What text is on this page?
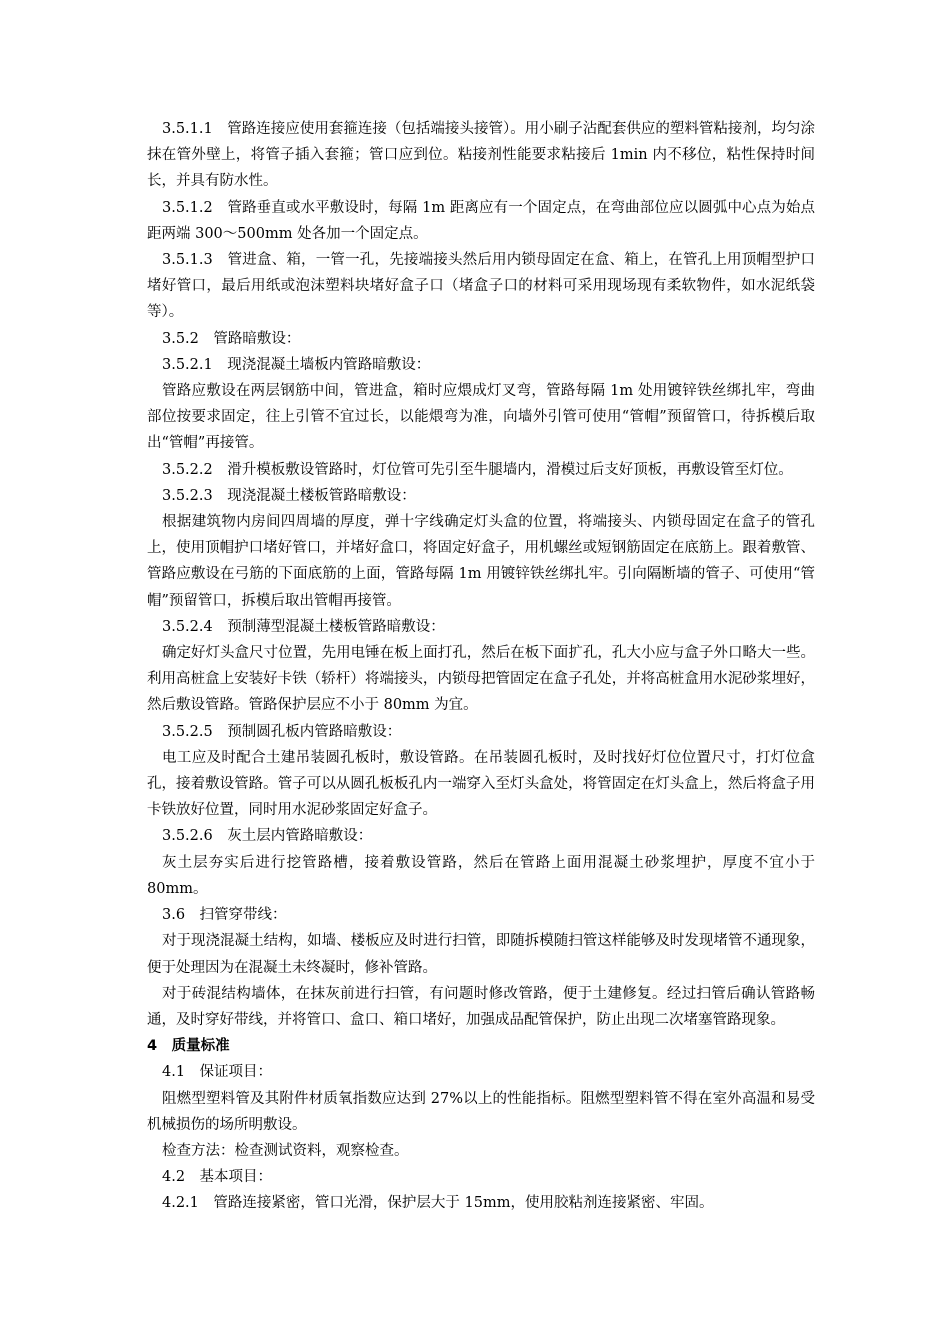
3.5.1.1　管路连接应使用套箍连接（包括端接头接管）。用小刷子沾配套供应的塑料管粘接剂，均匀涂抹在管外壁上，将管子插入套箍；管口应到位。粘接剂性能要求粘接后 1min 内不移位，粘性保持时间长，并具有防水性。

3.5.1.2　管路垂直或水平敷设时，每隔 1m 距离应有一个固定点，在弯曲部位应以圆弧中心点为始点距两端 300～500mm 处各加一个固定点。

3.5.1.3　管进盒、箱，一管一孔，先接端接头然后用内锁母固定在盒、箱上，在管孔上用顶帽型护口堵好管口，最后用纸或泡沫塑料块堵好盒子口（堵盒子口的材料可采用现场现有柔软物件，如水泥纸袋等）。

3.5.2　管路暗敷设：

3.5.2.1　现浇混凝土墙板内管路暗敷设：

管路应敷设在两层钢筋中间，管进盒，箱时应煨成灯叉弯，管路每隔 1m 处用镀锌铁丝绑扎牢，弯曲部位按要求固定，往上引管不宜过长，以能煨弯为准，向墙外引管可使用“管帽”预留管口，待拆模后取出“管帽”再接管。

3.5.2.2　滑升模板敷设管路时，灯位管可先引至牛腿墙内，滑模过后支好顶板，再敷设管至灯位。

3.5.2.3　现浇混凝土楼板管路暗敷设：

根据建筑物内房间四周墙的厚度，弹十字线确定灯头盒的位置，将端接头、内锁母固定在盒子的管孔上，使用顶帽护口堵好管口，并堵好盒口，将固定好盒子，用机螺丝或短钢筋固定在底筋上。跟着敷管、管路应敷设在弓筋的下面底筋的上面，管路每隔 1m 用镀锌铁丝绑扎牢。引向隔断墙的管子、可使用“管帽”预留管口，拆模后取出管帽再接管。

3.5.2.4　预制薄型混凝土楼板管路暗敷设：

确定好灯头盒尺寸位置，先用电锤在板上面打孔，然后在板下面扩孔，孔大小应与盒子外口略大一些。利用高桩盒上安装好卡铁（轿杆）将端接头，内锁母把管固定在盒子孔处，并将高桩盒用水泥砂浆埋好，然后敷设管路。管路保护层应不小于 80mm 为宜。

3.5.2.5　预制圆孔板内管路暗敷设：

电工应及时配合土建吊装圆孔板时，敷设管路。在吊装圆孔板时，及时找好灯位位置尺寸，打灯位盒孔，接着敷设管路。管子可以从圆孔板板孔内一端穿入至灯头盒处，将管固定在灯头盒上，然后将盒子用卡铁放好位置，同时用水泥砂浆固定好盒子。

3.5.2.6　灰土层内管路暗敷设：

灰土层夯实后进行挖管路槽，接着敷设管路，然后在管路上面用混凝土砂浆埋护，厚度不宜小于 80mm。

3.6　扫管穿带线：

对于现浇混凝土结构，如墙、楼板应及时进行扫管，即随拆模随扫管这样能够及时发现堵管不通现象，便于处理因为在混凝土未终凝时，修补管路。

对于砖混结构墙体，在抹灰前进行扫管，有问题时修改管路，便于土建修复。经过扫管后确认管路畅通，及时穿好带线，并将管口、盒口、箱口堵好，加强成品配管保护，防止出现二次堵塞管路现象。

4　质量标准

4.1　保证项目：

阻燃型塑料管及其附件材质氧指数应达到 27%以上的性能指标。阻燃型塑料管不得在室外高温和易受机械损伤的场所明敷设。

检查方法：检查测试资料，观察检查。

4.2　基本项目：

4.2.1　管路连接紧密，管口光滑，保护层大于 15mm，使用胶粘剂连接紧密、牢固。
